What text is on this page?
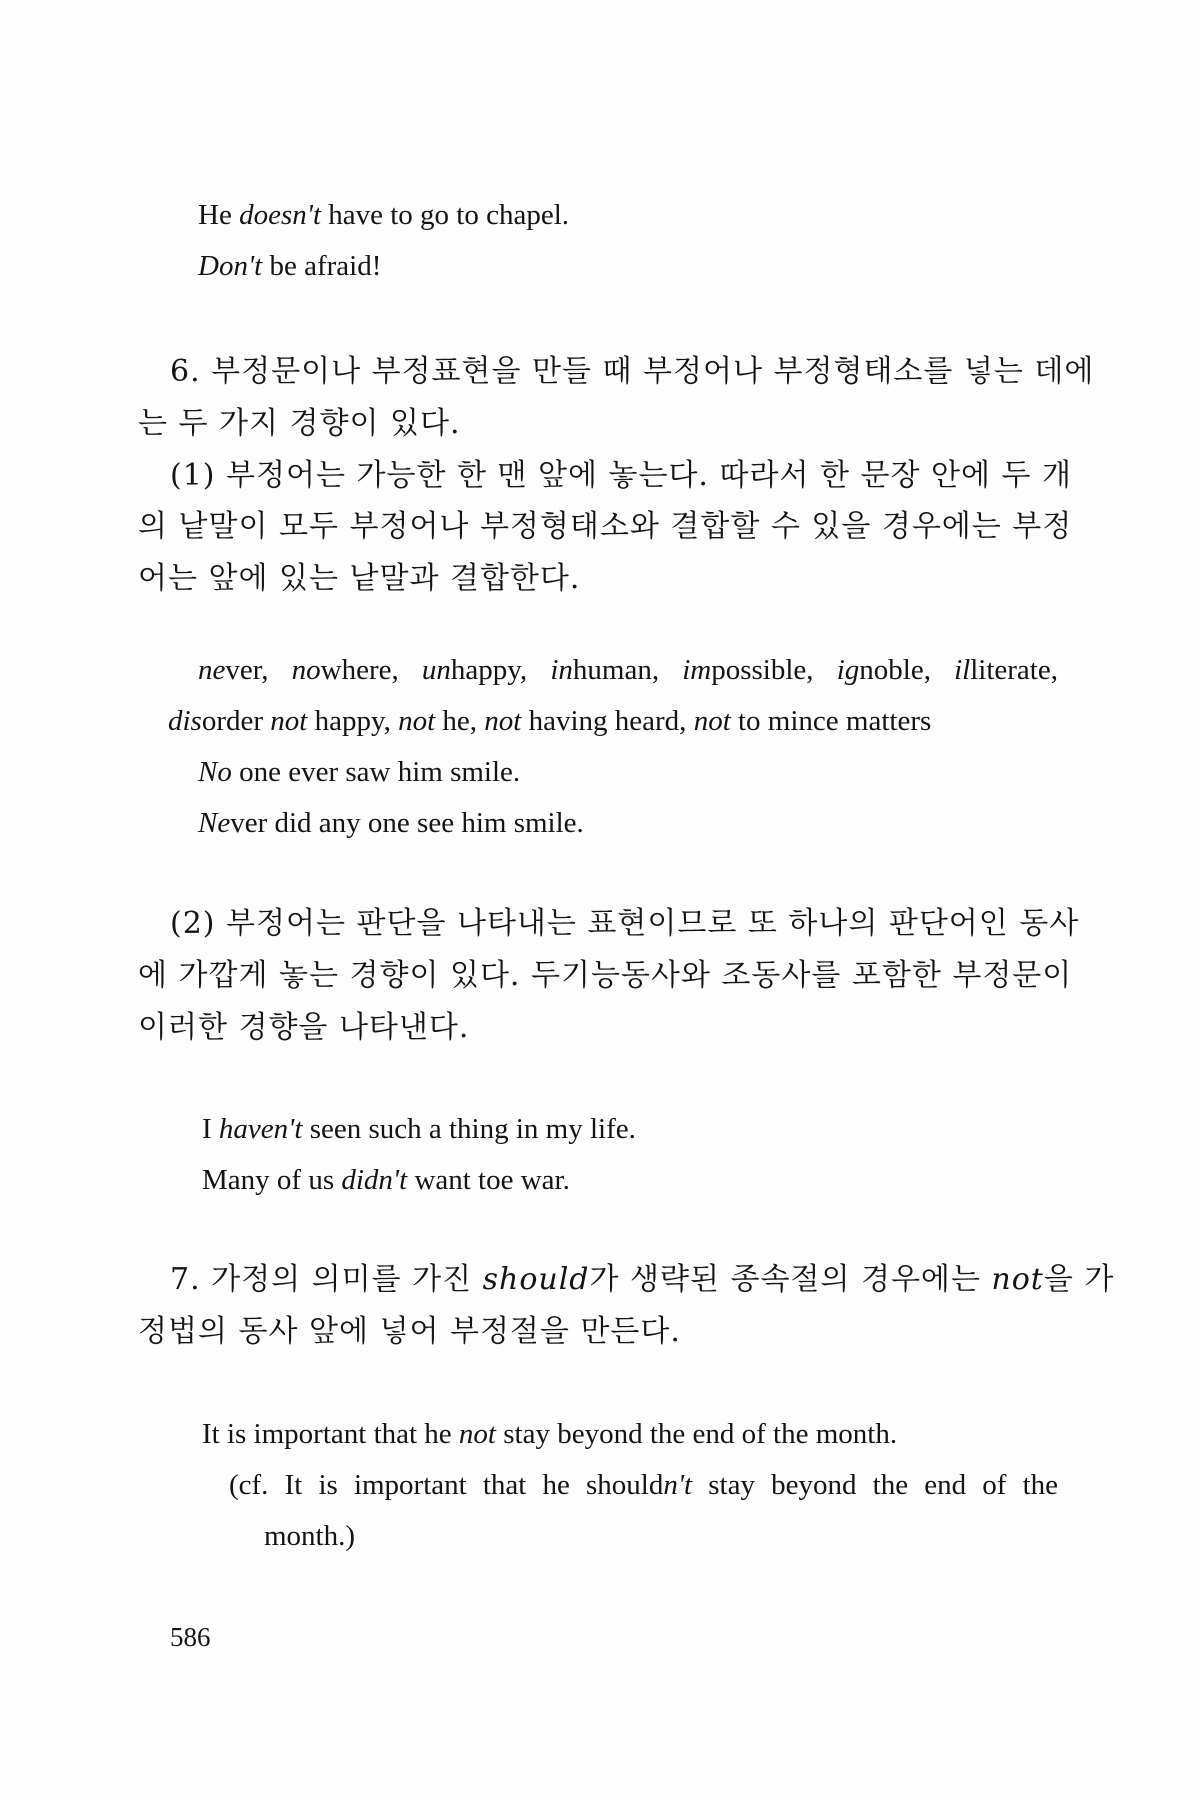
He doesn't have to go to chapel.
Don't be afraid!
6. 부정문이나 부정표현을 만들 때 부정어나 부정형태소를 넣는 데에
는 두 가지 경향이 있다.
(1) 부정어는 가능한 한 맨 앞에 놓는다. 따라서 한 문장 안에 두 개
의 낱말이 모두 부정어나 부정형태소와 결합할 수 있을 경우에는 부정
어는 앞에 있는 낱말과 결합한다.
never, nowhere, unhappy, inhuman, impossible, ignoble, illiterate,
disorder not happy, not he, not having heard, not to mince matters
No one ever saw him smile.
Never did any one see him smile.
(2) 부정어는 판단을 나타내는 표현이므로 또 하나의 판단어인 동사
에 가깝게 놓는 경향이 있다. 두기능동사와 조동사를 포함한 부정문이
이러한 경향을 나타낸다.
I haven't seen such a thing in my life.
Many of us didn't want toe war.
7. 가정의 의미를 가진 should가 생략된 종속절의 경우에는 not을 가
정법의 동사 앞에 넣어 부정절을 만든다.
It is important that he not stay beyond the end of the month.
(cf. It is important that he shouldn't stay beyond the end of the
month.)
586
